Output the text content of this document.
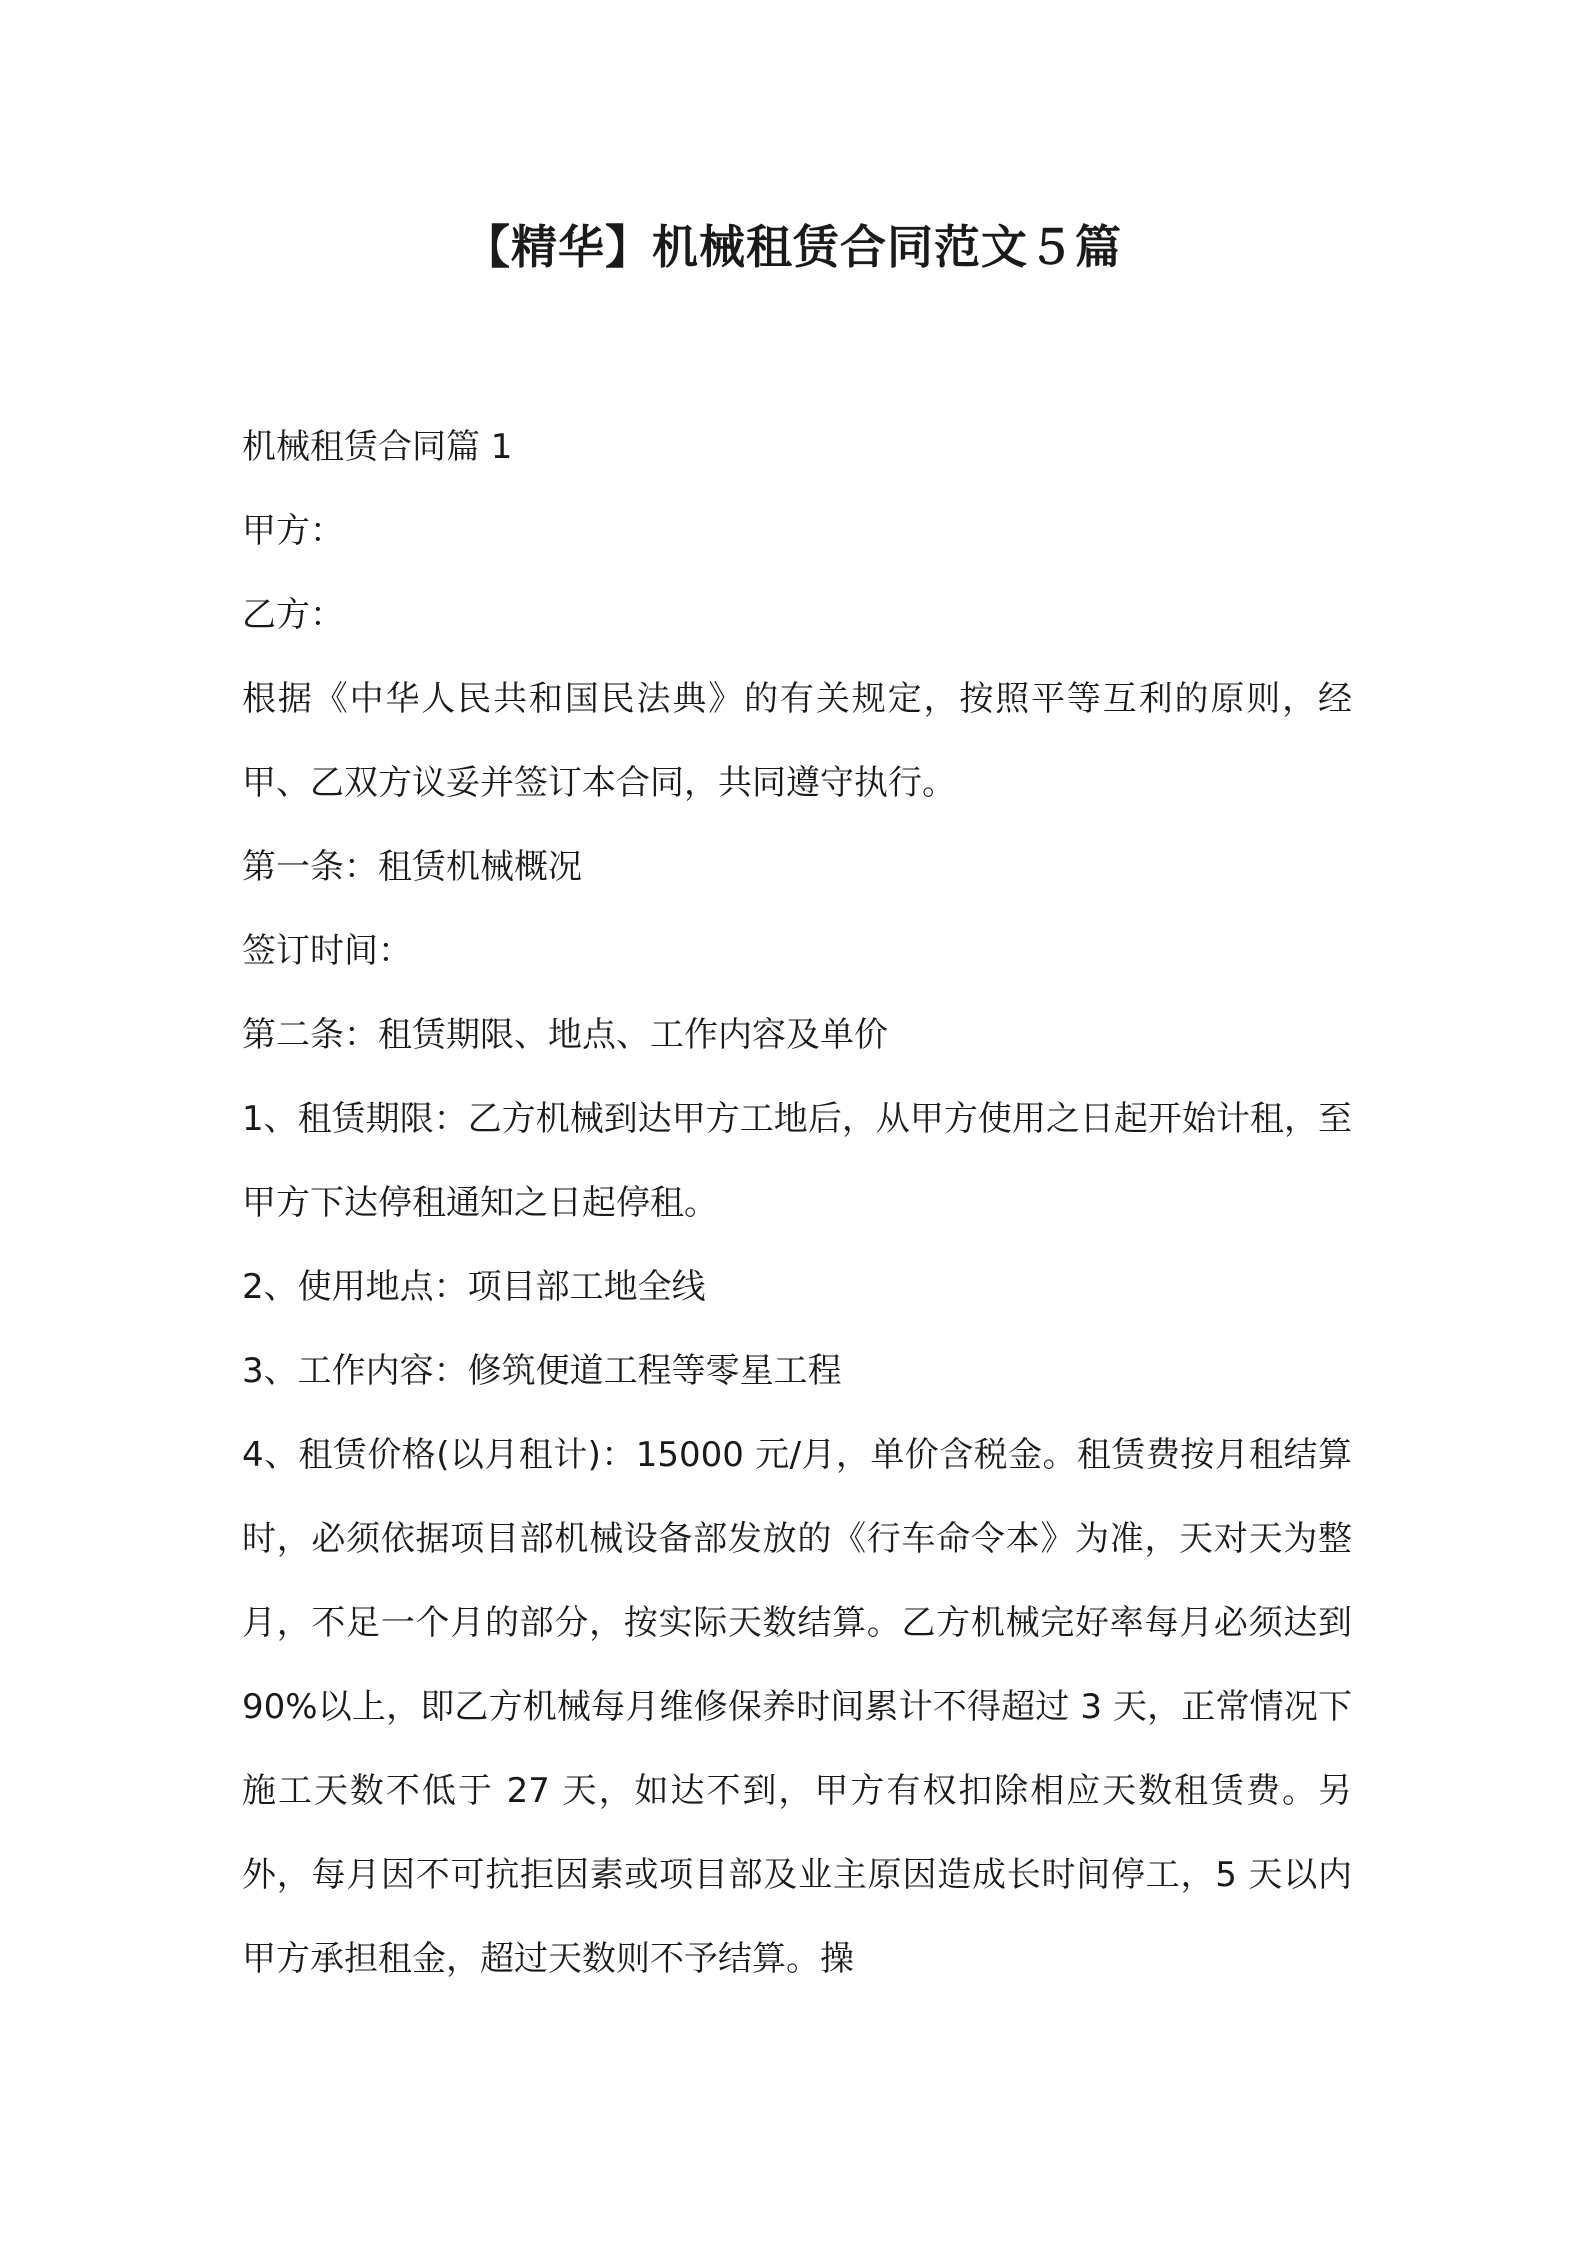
【精华】机械租赁合同范文５篇

机械租赁合同篇 1

甲方：

乙方：

根据《中华人民共和国民法典》的有关规定，按照平等互利的原则，经甲、乙双方议妥并签订本合同，共同遵守执行。

第一条：租赁机械概况

签订时间：

第二条：租赁期限、地点、工作内容及单价

1、租赁期限：乙方机械到达甲方工地后，从甲方使用之日起开始计租，至甲方下达停租通知之日起停租。

2、使用地点：项目部工地全线

3、工作内容：修筑便道工程等零星工程

4、租赁价格(以月租计)：15000 元/月，单价含税金。租赁费按月租结算时，必须依据项目部机械设备部发放的《行车命令本》为准，天对天为整月，不足一个月的部分，按实际天数结算。乙方机械完好率每月必须达到 90%以上，即乙方机械每月维修保养时间累计不得超过 3 天，正常情况下施工天数不低于 27 天，如达不到，甲方有权扣除相应天数租赁费。另外，每月因不可抗拒因素或项目部及业主原因造成长时间停工，5 天以内甲方承担租金，超过天数则不予结算。操
